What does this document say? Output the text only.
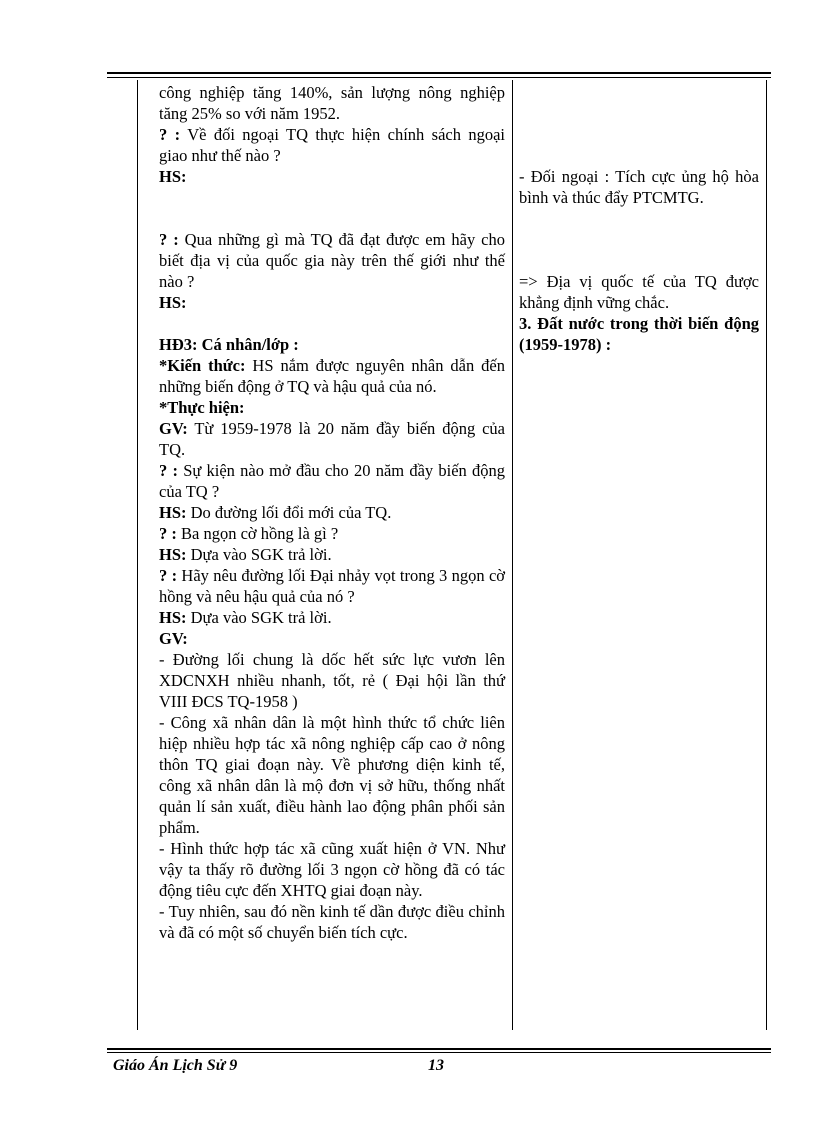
công nghiệp tăng 140%, sản lượng nông nghiệp tăng 25% so với năm 1952.

? : Về đối ngoại TQ thực hiện chính sách ngoại giao như thế nào ?

HS:

? : Qua những gì mà TQ đã đạt được em hãy cho biết địa vị của quốc gia này trên thế giới như thế nào ?

HS:

HĐ3: Cá nhân/lớp :

*Kiến thức: HS nắm được nguyên nhân dẫn đến những biến động ở TQ và hậu quả của nó.

*Thực hiện:

GV: Từ 1959-1978 là 20 năm đầy biến động của TQ.

? : Sự kiện nào mở đầu cho 20 năm đầy biến động của TQ ?

HS: Do đường lối đổi mới của TQ.

? : Ba ngọn cờ hồng là gì ?

HS: Dựa vào SGK trả lời.

? : Hãy nêu đường lối Đại nhảy vọt trong 3 ngọn cờ hồng và nêu hậu quả của nó ?

HS: Dựa vào SGK trả lời.

GV:

- Đường lối chung là dốc hết sức lực vươn lên XDCNXH nhiều nhanh, tốt, rẻ ( Đại hội lần thứ VIII ĐCS TQ-1958 )

- Công xã nhân dân là một hình thức tổ chức liên hiệp nhiều hợp tác xã nông nghiệp cấp cao ở nông thôn TQ giai đoạn này. Về phương diện kinh tế, công xã nhân dân là mộ đơn vị sở hữu, thống nhất quản lí sản xuất, điều hành lao động phân phối sản phẩm.

- Hình thức hợp tác xã cũng xuất hiện ở VN. Như vậy ta thấy rõ đường lối 3 ngọn cờ hồng đã có tác động tiêu cực đến XHTQ giai đoạn này.

- Tuy nhiên, sau đó nền kinh tế dần được điều chỉnh và đã có một số chuyển biến tích cực.

- Đối ngoại : Tích cực ủng hộ hòa bình và thúc đẩy PTCMTG.

=> Địa vị quốc tế của TQ được khẳng định vững chắc.

3. Đất nước trong thời biến động (1959-1978) :

Giáo Án Lịch Sử 9	13
